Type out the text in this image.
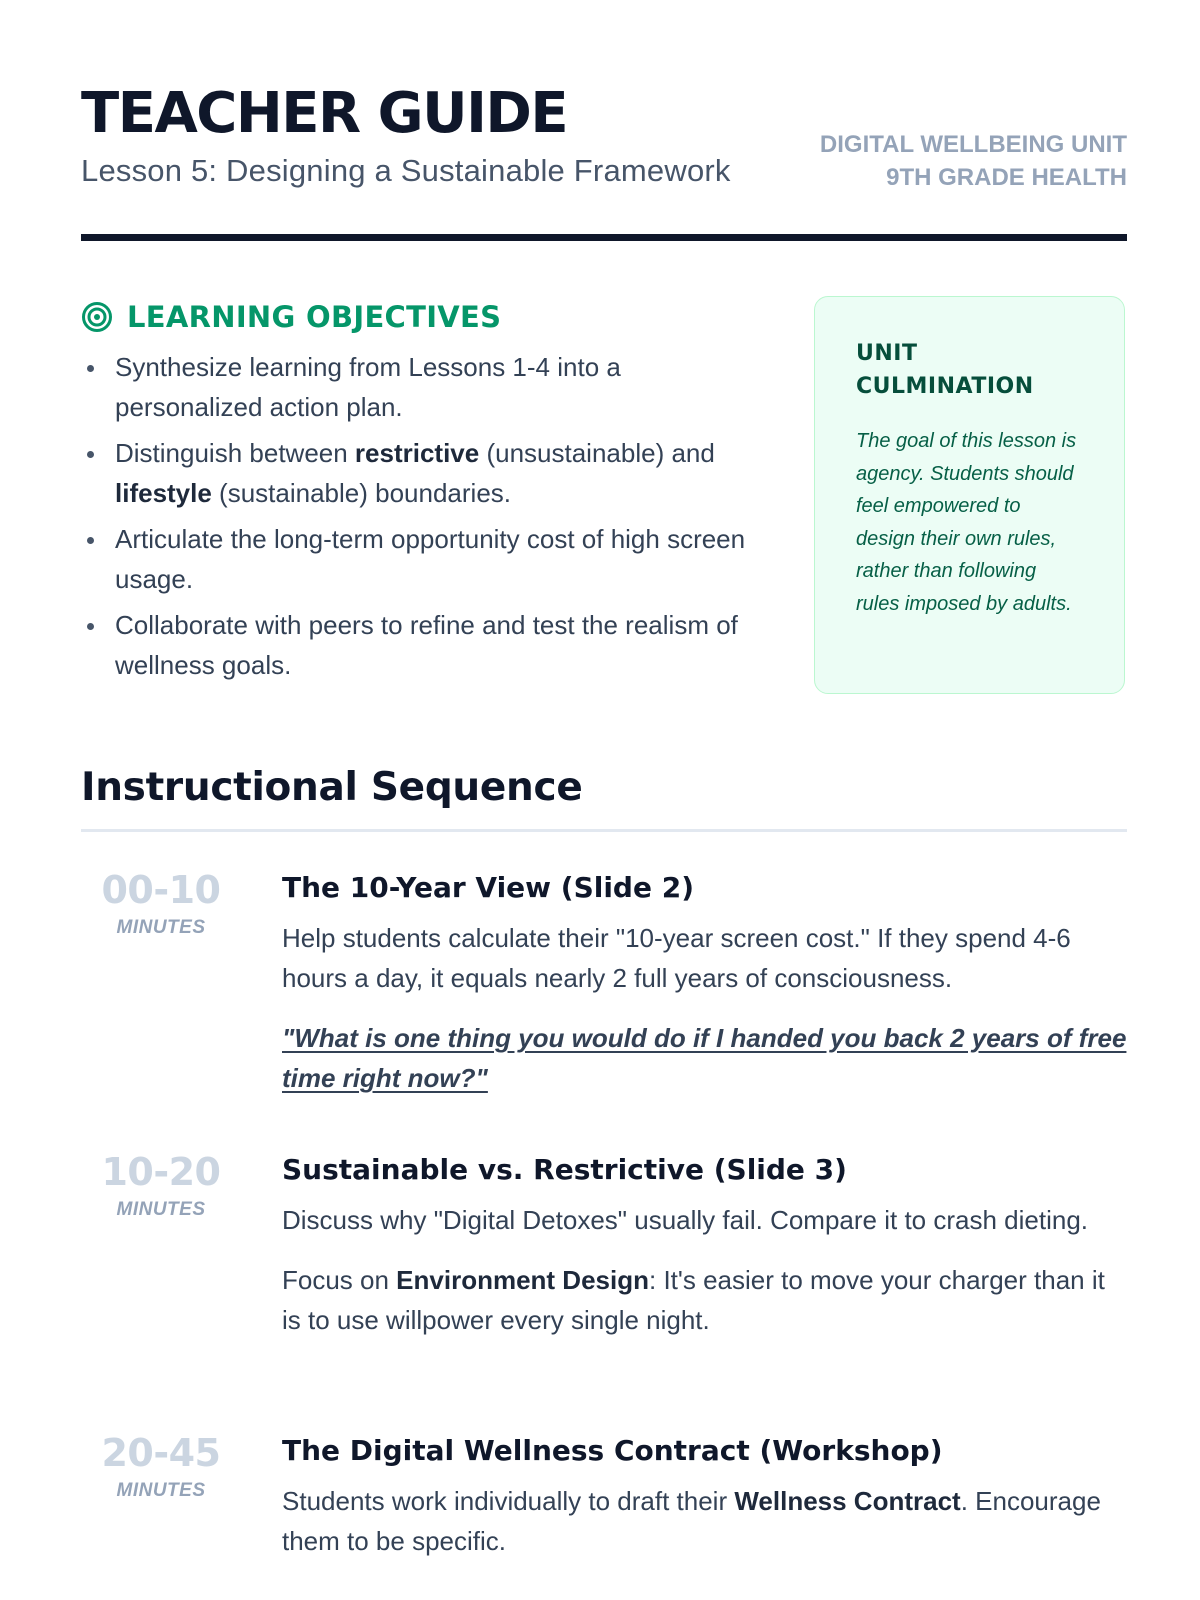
TEACHER GUIDE
Lesson 5: Designing a Sustainable Framework
DIGITAL WELLBEING UNIT
9TH GRADE HEALTH
LEARNING OBJECTIVES
Synthesize learning from Lessons 1-4 into a personalized action plan.
Distinguish between restrictive (unsustainable) and lifestyle (sustainable) boundaries.
Articulate the long-term opportunity cost of high screen usage.
Collaborate with peers to refine and test the realism of wellness goals.
UNIT
CULMINATION
The goal of this lesson is agency. Students should feel empowered to design their own rules, rather than following rules imposed by adults.
Instructional Sequence
00-10
MINUTES
The 10-Year View (Slide 2)

Help students calculate their "10-year screen cost." If they spend 4-6 hours a day, it equals nearly 2 full years of consciousness.

"What is one thing you would do if I handed you back 2 years of free time right now?"
10-20
MINUTES
Sustainable vs. Restrictive (Slide 3)

Discuss why "Digital Detoxes" usually fail. Compare it to crash dieting.

Focus on Environment Design: It's easier to move your charger than it is to use willpower every single night.

20-45
MINUTES
The Digital Wellness Contract (Workshop)

Students work individually to draft their Wellness Contract. Encourage them to be specific.
